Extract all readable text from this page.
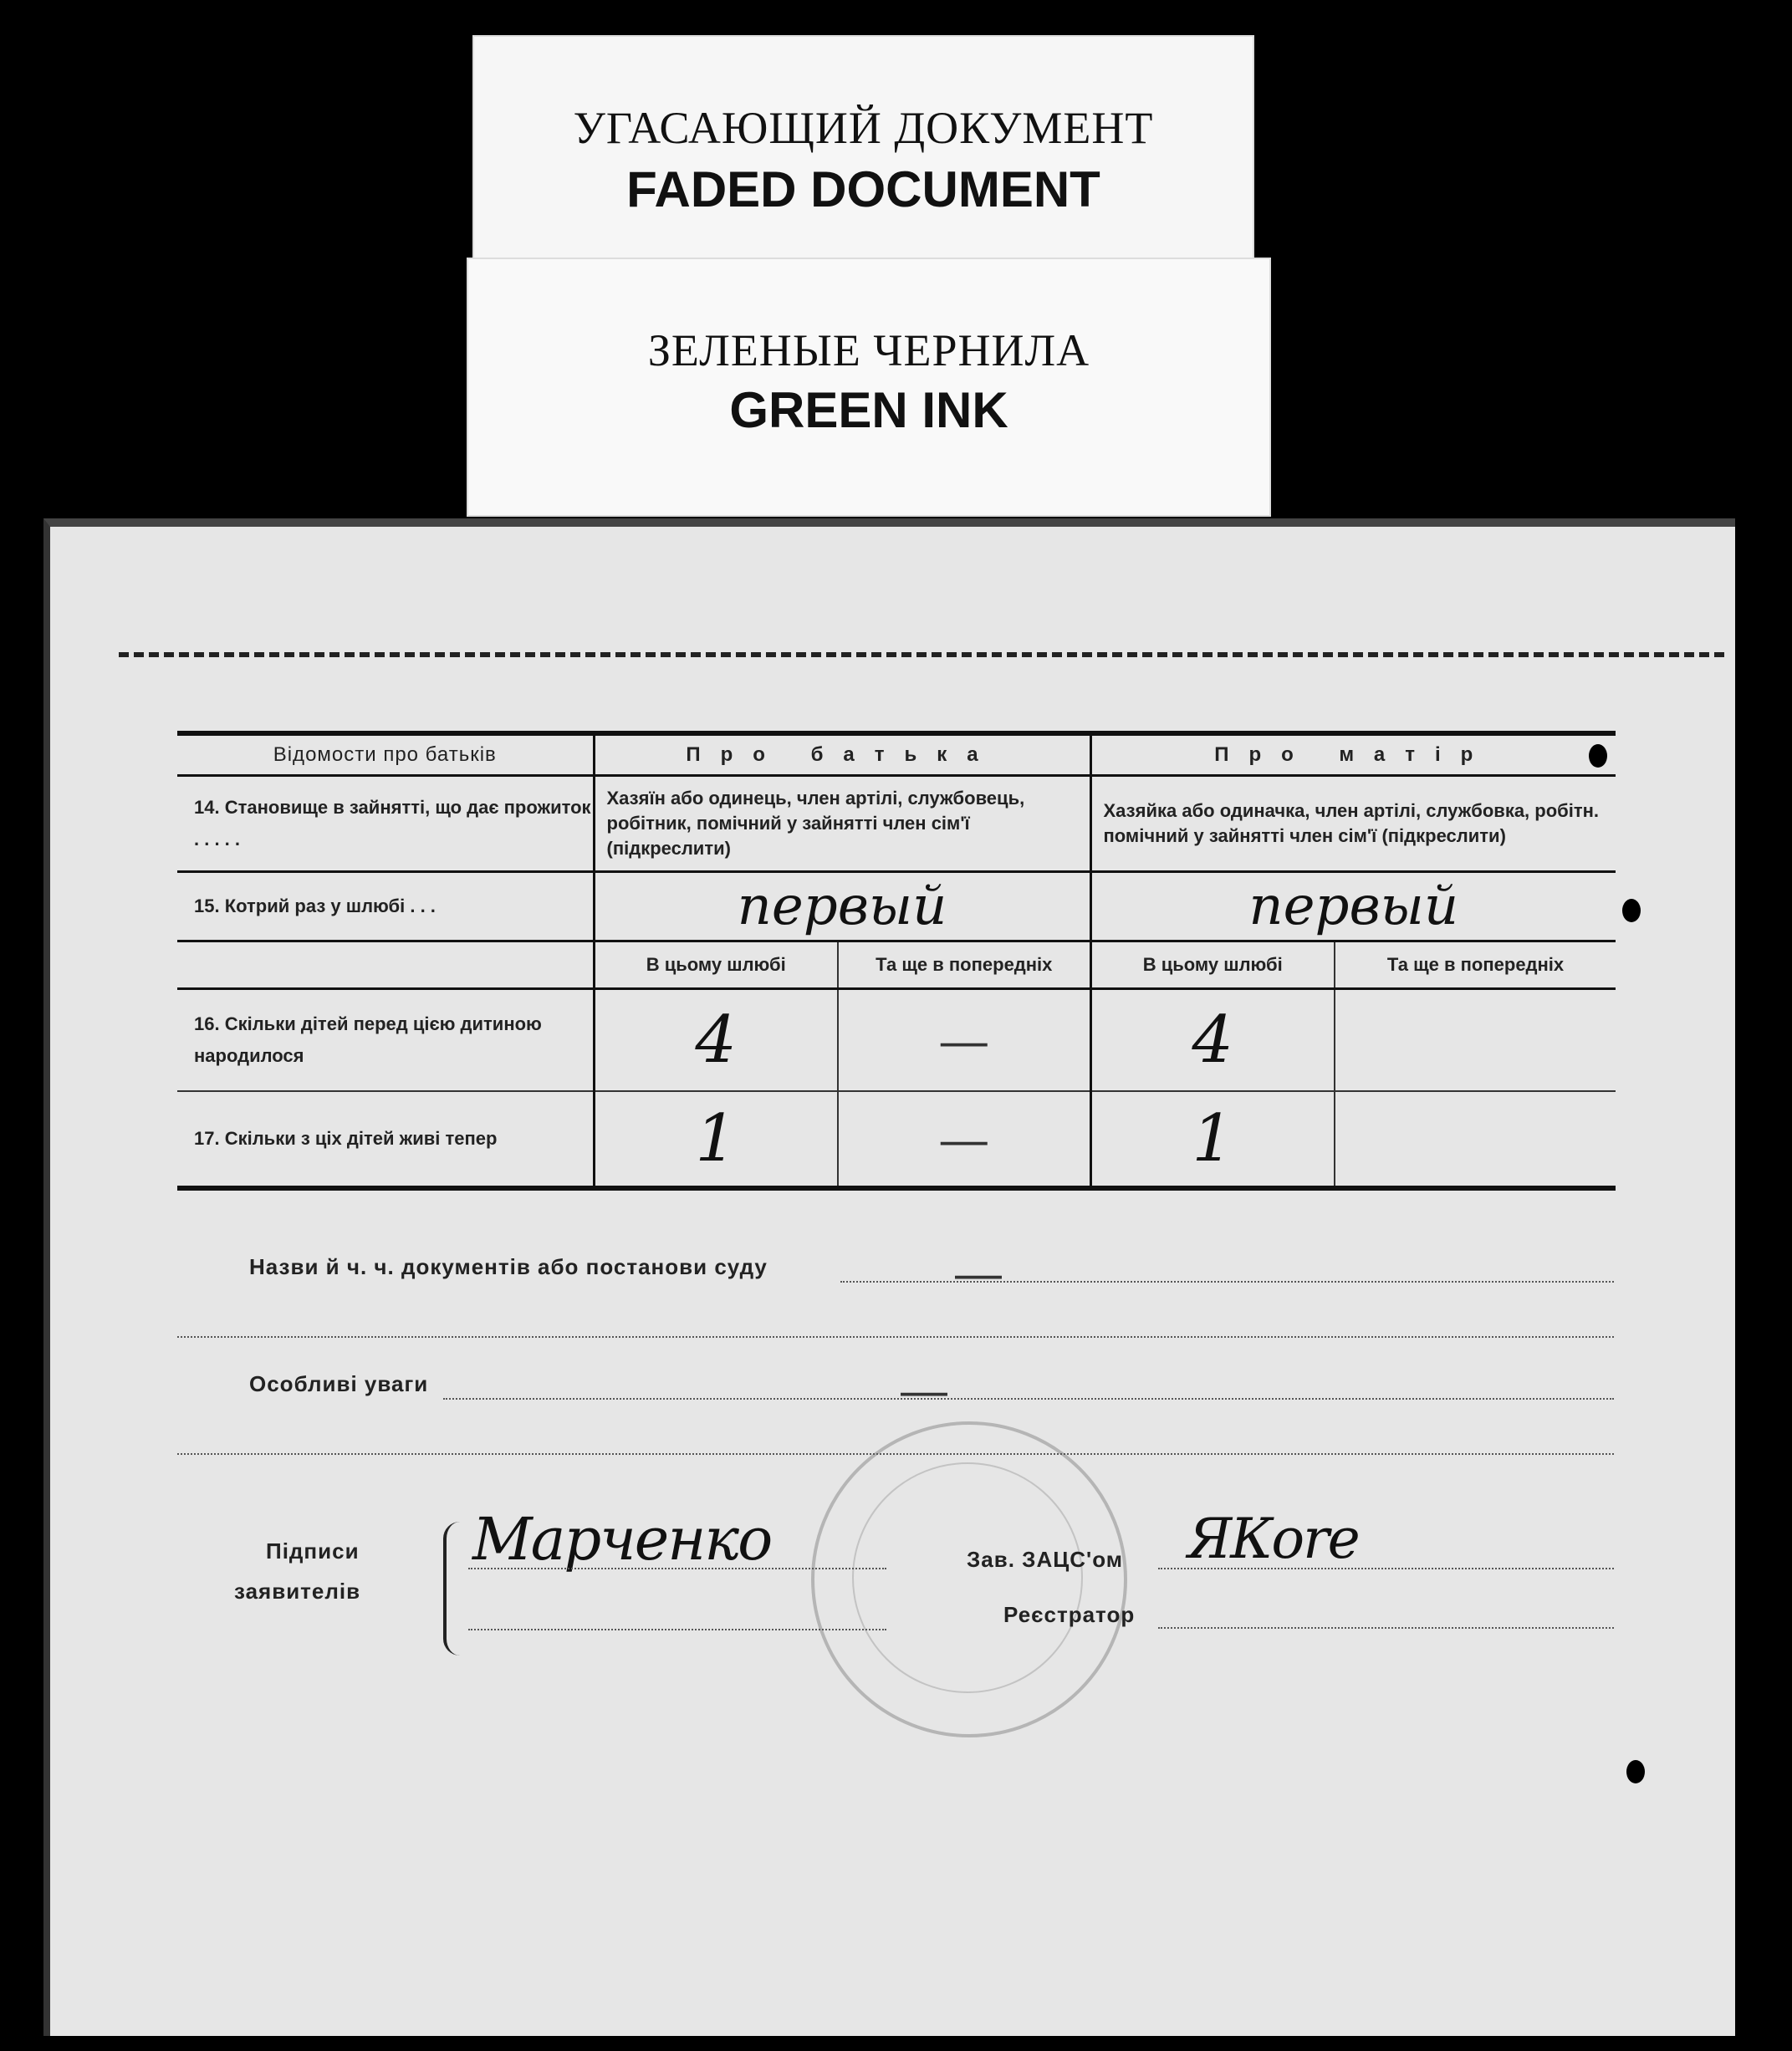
УГАСАЮЩИЙ ДОКУМЕНТ
FADED DOCUMENT
ЗЕЛЕНЫЕ ЧЕРНИЛА
GREEN INK
Відомости про батьків	Про батька		Про матір	
14. Становище в зайнятті, що дає прожиток . . . . .	Хазяїн або одинець, член артілі, службовець, робітник, помічний у зайнятті член сім'ї (підкреслити)		Хазяйка або одиначка, член артілі, службовка, робітн. помічний у зайнятті член сім'ї (підкреслити)	
15. Котрий раз у шлюбі . . .	первый		первый	
	В цьому шлюбі	Та ще в попередніх	В цьому шлюбі	Та ще в попередніх
16. Скільки дітей перед цією дитиною народилося	4	—	4	
17. Скільки з ціх дітей живі тепер	1	—	1	
Назви й ч. ч. документів або постанови суду	—
Особливі уваги	—
Підписи
заявителів
Марченко	Зав. ЗАЦС'ом ЯКоre
Реєстратор
